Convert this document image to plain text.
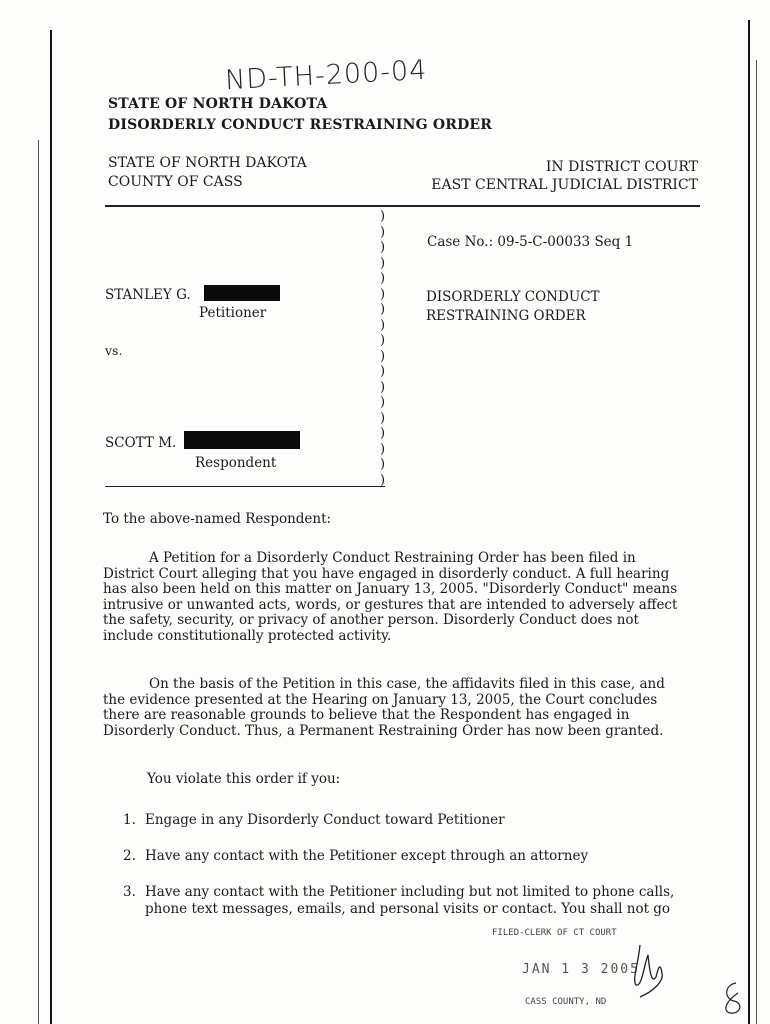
ND-TH-200-04
STATE OF NORTH DAKOTA
DISORDERLY CONDUCT RESTRAINING ORDER
STATE OF NORTH DAKOTA
COUNTY OF CASS
IN DISTRICT COURT
EAST CENTRAL JUDICIAL DISTRICT
)
)
)
)
)
)
)
)
)
)
)
)
)
)
)
)
)
)
STANLEY G.
Petitioner
vs.
SCOTT M.
Respondent
Case No.: 09-5-C-00033 Seq 1
DISORDERLY CONDUCT
RESTRAINING ORDER
To the above-named Respondent:
A Petition for a Disorderly Conduct Restraining Order has been filed in
District Court alleging that you have engaged in disorderly conduct. A full hearing
has also been held on this matter on January 13, 2005. "Disorderly Conduct" means
intrusive or unwanted acts, words, or gestures that are intended to adversely affect
the safety, security, or privacy of another person. Disorderly Conduct does not
include constitutionally protected activity.
On the basis of the Petition in this case, the affidavits filed in this case, and
the evidence presented at the Hearing on January 13, 2005, the Court concludes
there are reasonable grounds to believe that the Respondent has engaged in
Disorderly Conduct. Thus, a Permanent Restraining Order has now been granted.
You violate this order if you:
1. Engage in any Disorderly Conduct toward Petitioner
2. Have any contact with the Petitioner except through an attorney
3. Have any contact with the Petitioner including but not limited to phone calls,
phone text messages, emails, and personal visits or contact. You shall not go
FILED-CLERK OF CT COURT
JAN 1 3 2005
CASS COUNTY, ND
